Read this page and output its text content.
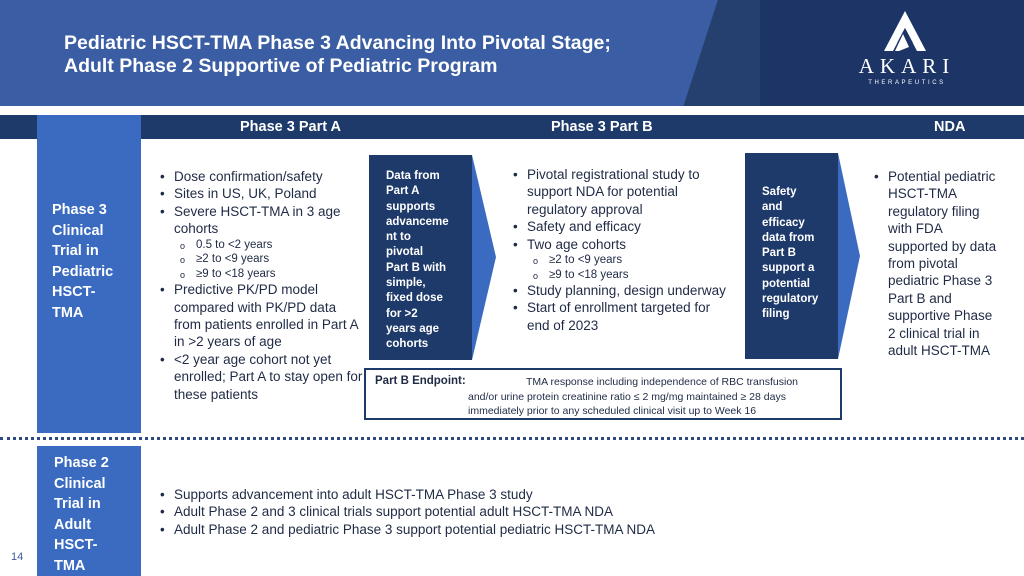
Pediatric HSCT-TMA Phase 3 Advancing Into Pivotal Stage;
Adult Phase 2 Supportive of Pediatric Program	AKARI
THERAPEUTICS
Phase 3 Part A	Phase 3 Part B	NDA
Phase 3
Clinical
Trial in
Pediatric
HSCT-
TMA
• Dose confirmation/safety
• Sites in US, UK, Poland
• Severe HSCT-TMA in 3 age cohorts
o 0.5 to <2 years
o ≥2 to <9 years
o ≥9 to <18 years
• Predictive PK/PD model compared with PK/PD data from patients enrolled in Part A in >2 years of age
• <2 year age cohort not yet enrolled; Part A to stay open for these patients
Data from
Part A
supports
advanceme
nt to
pivotal
Part B with
simple,
fixed dose
for >2
years age
cohorts
• Pivotal registrational study to support NDA for potential regulatory approval
• Safety and efficacy
• Two age cohorts
o ≥2 to <9 years
o ≥9 to <18 years
• Study planning, design underway
• Start of enrollment targeted for end of 2023
Safety
and
efficacy
data from
Part B
support a
potential
regulatory
filing
• Potential pediatric HSCT-TMA regulatory filing with FDA supported by data from pivotal pediatric Phase 3 Part B and supportive Phase 2 clinical trial in adult HSCT-TMA
Part B Endpoint:	TMA response including independence of RBC transfusion
and/or urine protein creatinine ratio ≤ 2 mg/mg maintained ≥ 28 days
immediately prior to any scheduled clinical visit up to Week 16
Phase 2
Clinical
Trial in
Adult
HSCT-
TMA
• Supports advancement into adult HSCT-TMA Phase 3 study
• Adult Phase 2 and 3 clinical trials support potential adult HSCT-TMA NDA
• Adult Phase 2 and pediatric Phase 3 support potential pediatric HSCT-TMA NDA
14
